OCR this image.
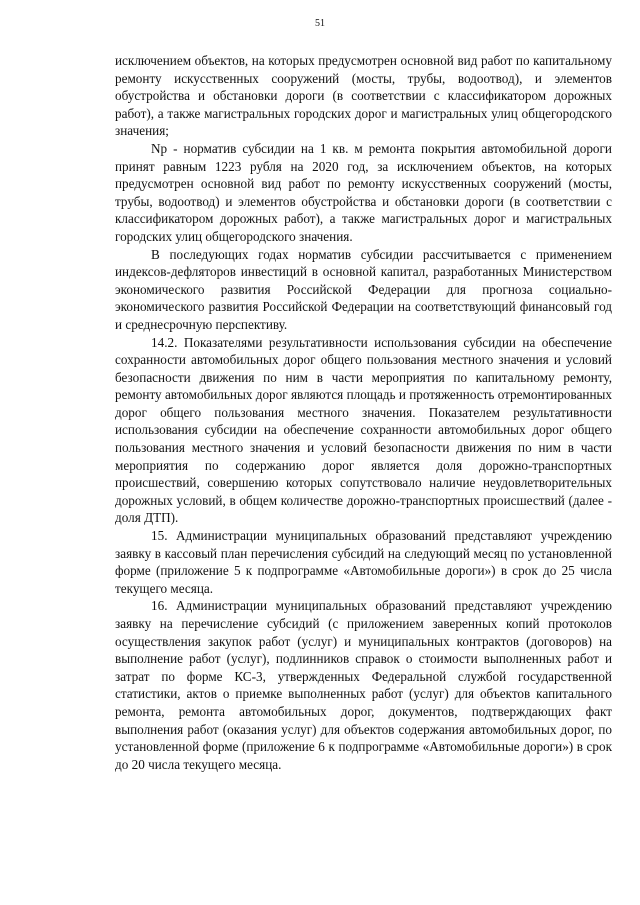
51

исключением объектов, на которых предусмотрен основной вид работ по капитальному ремонту искусственных сооружений (мосты, трубы, водоотвод), и элементов обустройства и обстановки дороги (в соответствии с классификатором дорожных работ), а также магистральных городских дорог и магистральных улиц общегородского значения;

Np - норматив субсидии на 1 кв. м ремонта покрытия автомобильной дороги принят равным 1223 рубля на 2020 год, за исключением объектов, на которых предусмотрен основной вид работ по ремонту искусственных сооружений (мосты, трубы, водоотвод) и элементов обустройства и обстановки дороги (в соответствии с классификатором дорожных работ), а также магистральных дорог и магистральных городских улиц общегородского значения.

В последующих годах норматив субсидии рассчитывается с применением индексов-дефляторов инвестиций в основной капитал, разработанных Министерством экономического развития Российской Федерации для прогноза социально-экономического развития Российской Федерации на соответствующий финансовый год и среднесрочную перспективу.

14.2. Показателями результативности использования субсидии на обеспечение сохранности автомобильных дорог общего пользования местного значения и условий безопасности движения по ним в части мероприятия по капитальному ремонту, ремонту автомобильных дорог являются площадь и протяженность отремонтированных дорог общего пользования местного значения. Показателем результативности использования субсидии на обеспечение сохранности автомобильных дорог общего пользования местного значения и условий безопасности движения по ним в части мероприятия по содержанию дорог является доля дорожно-транспортных происшествий, совершению которых сопутствовало наличие неудовлетворительных дорожных условий, в общем количестве дорожно-транспортных происшествий (далее - доля ДТП).

15. Администрации муниципальных образований представляют учреждению заявку в кассовый план перечисления субсидий на следующий месяц по установленной форме (приложение 5 к подпрограмме «Автомобильные дороги») в срок до 25 числа текущего месяца.

16. Администрации муниципальных образований представляют учреждению заявку на перечисление субсидий (с приложением заверенных копий протоколов осуществления закупок работ (услуг) и муниципальных контрактов (договоров) на выполнение работ (услуг), подлинников справок о стоимости выполненных работ и затрат по форме КС-3, утвержденных Федеральной службой государственной статистики, актов о приемке выполненных работ (услуг) для объектов капитального ремонта, ремонта автомобильных дорог, документов, подтверждающих факт выполнения работ (оказания услуг) для объектов содержания автомобильных дорог, по установленной форме (приложение 6 к подпрограмме «Автомобильные дороги») в срок до 20 числа текущего месяца.
